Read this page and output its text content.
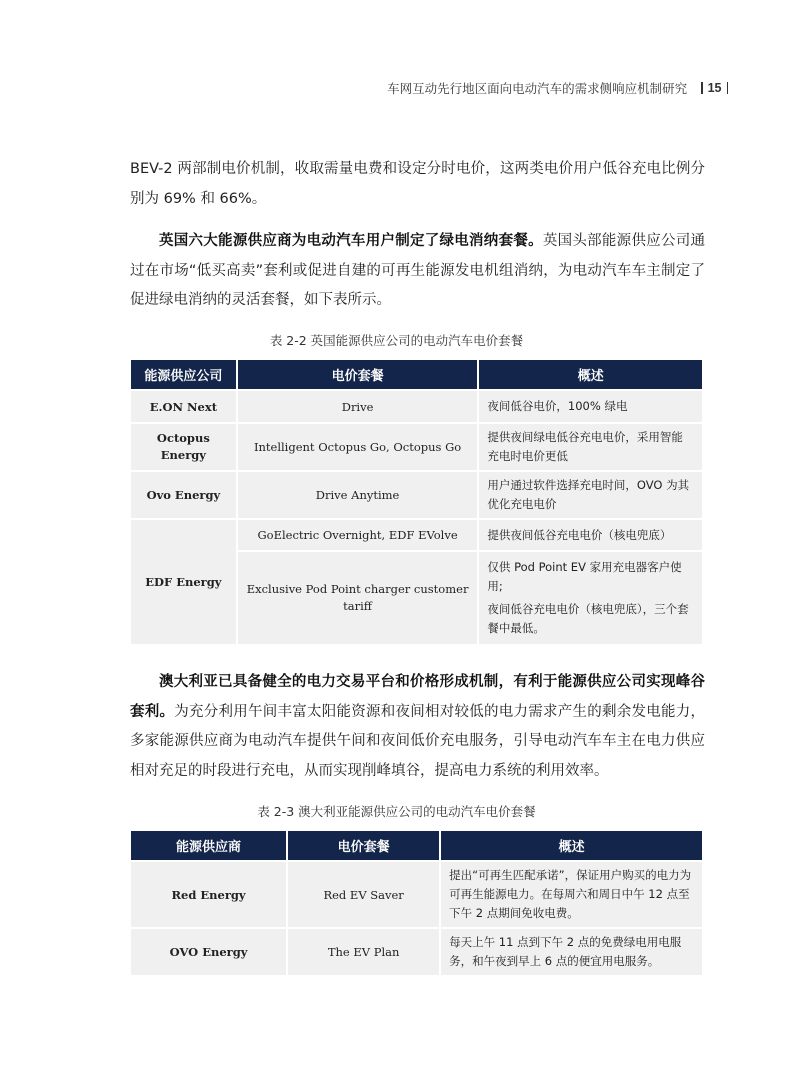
车网互动先行地区面向电动汽车的需求侧响应机制研究 15
BEV-2 两部制电价机制，收取需量电费和设定分时电价，这两类电价用户低谷充电比例分别为 69% 和 66%。
英国六大能源供应商为电动汽车用户制定了绿电消纳套餐。英国头部能源供应公司通过在市场“低买高卖”套利或促进自建的可再生能源发电机组消纳，为电动汽车车主制定了促进绿电消纳的灵活套餐，如下表所示。
表 2-2 英国能源供应公司的电动汽车电价套餐
能源供应公司	电价套餐	概述
E.ON Next	Drive	夜间低谷电价，100% 绿电
Octopus Energy	Intelligent Octopus Go, Octopus Go	提供夜间绿电低谷充电电价，采用智能充电时电价更低
Ovo Energy	Drive Anytime	用户通过软件选择充电时间，OVO 为其优化充电电价
EDF Energy	GoElectric Overnight, EDF EVolve	提供夜间低谷充电电价（核电兜底）
	Exclusive Pod Point charger customer tariff	仅供 Pod Point EV 家用充电器客户使用;
夜间低谷充电电价（核电兜底），三个套餐中最低。
澳大利亚已具备健全的电力交易平台和价格形成机制，有利于能源供应公司实现峰谷套利。为充分利用午间丰富太阳能资源和夜间相对较低的电力需求产生的剩余发电能力，多家能源供应商为电动汽车提供午间和夜间低价充电服务，引导电动汽车车主在电力供应相对充足的时段进行充电，从而实现削峰填谷，提高电力系统的利用效率。
表 2-3 澳大利亚能源供应公司的电动汽车电价套餐
能源供应商	电价套餐	概述
Red Energy	Red EV Saver	提出“可再生匹配承诺”，保证用户购买的电力为可再生能源电力。在每周六和周日中午 12 点至下午 2 点期间免收电费。
OVO Energy	The EV Plan	每天上午 11 点到下午 2 点的免费绿电用电服务，和午夜到早上 6 点的便宜用电服务。
